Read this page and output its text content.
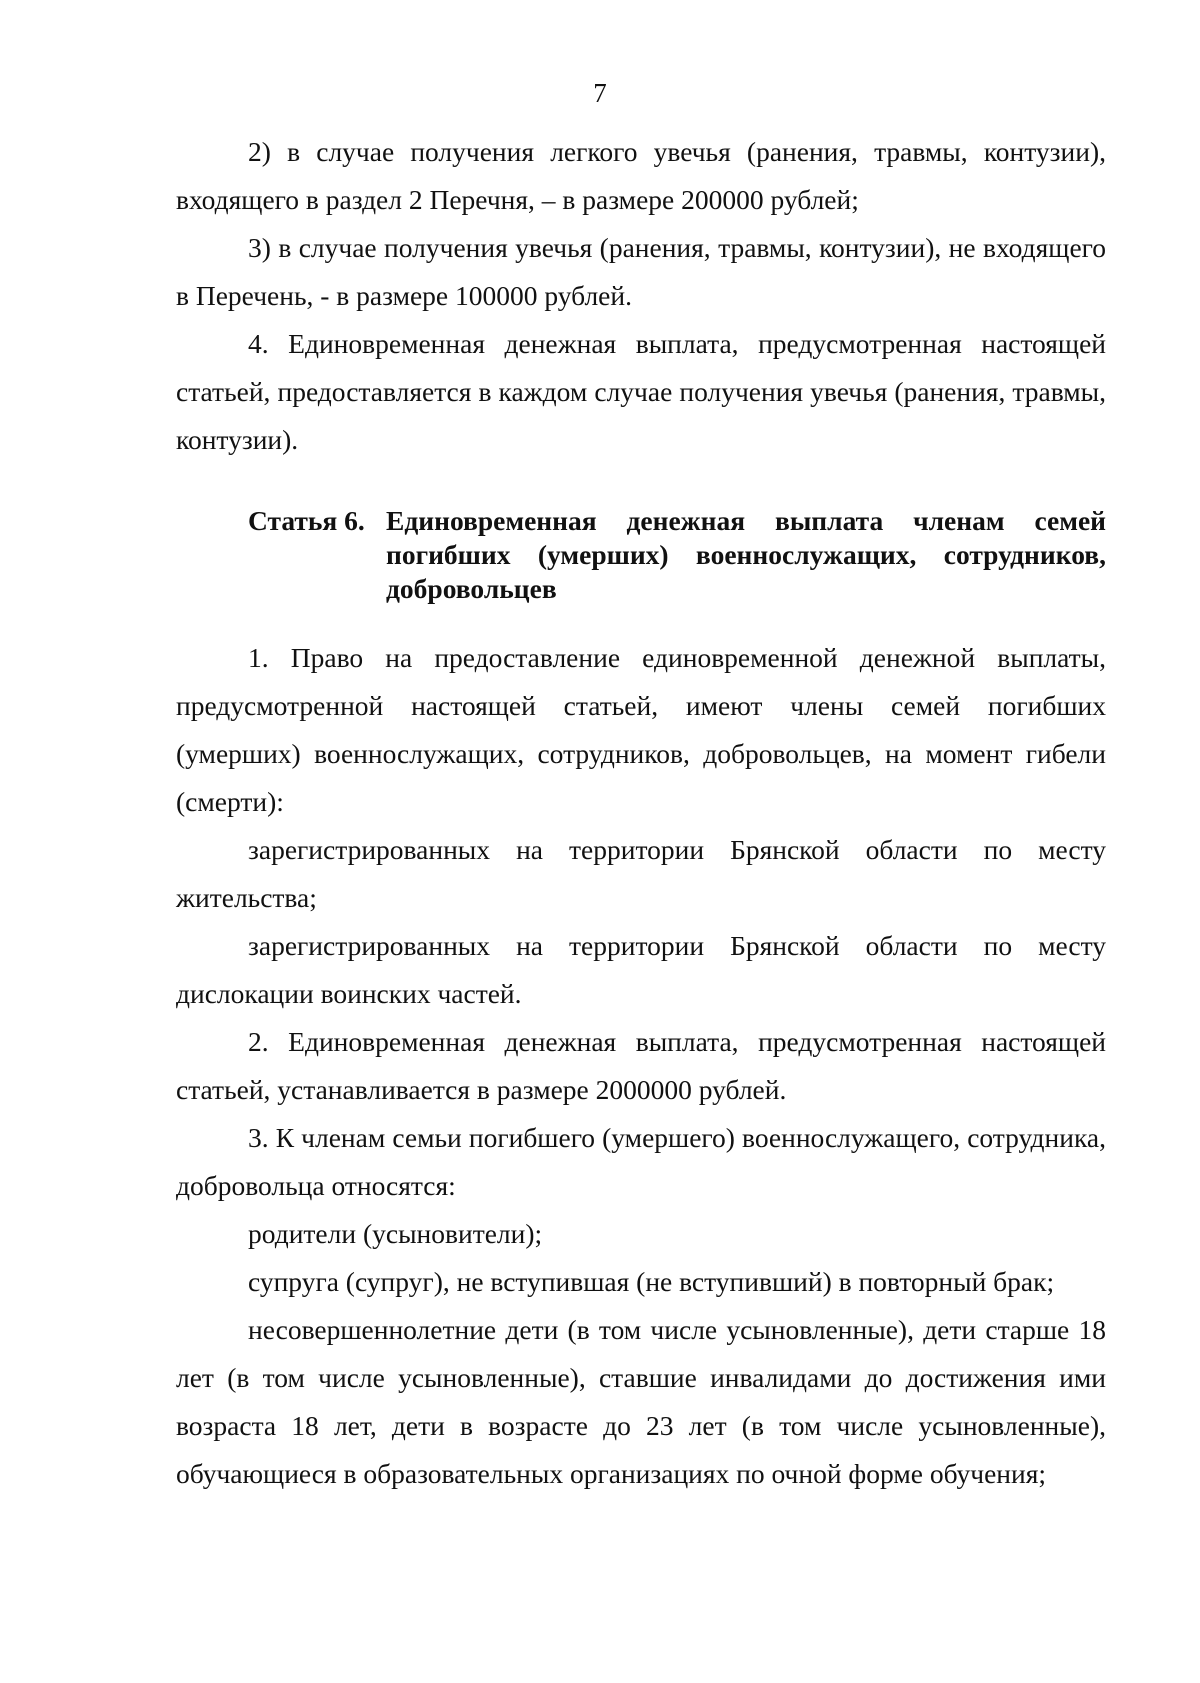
7

2) в случае получения легкого увечья (ранения, травмы, контузии), входящего в раздел 2 Перечня, – в размере 200000 рублей;

3) в случае получения увечья (ранения, травмы, контузии), не входящего в Перечень, - в размере 100000 рублей.

4. Единовременная денежная выплата, предусмотренная настоящей статьей, предоставляется в каждом случае получения увечья (ранения, травмы, контузии).

Статья 6. Единовременная денежная выплата членам семей погибших (умерших) военнослужащих, сотрудников, добровольцев

1. Право на предоставление единовременной денежной выплаты, предусмотренной настоящей статьей, имеют члены семей погибших (умерших) военнослужащих, сотрудников, добровольцев, на момент гибели (смерти):

зарегистрированных на территории Брянской области по месту жительства;

зарегистрированных на территории Брянской области по месту дислокации воинских частей.

2. Единовременная денежная выплата, предусмотренная настоящей статьей, устанавливается в размере 2000000 рублей.

3. К членам семьи погибшего (умершего) военнослужащего, сотрудника, добровольца относятся:

родители (усыновители);

супруга (супруг), не вступившая (не вступивший) в повторный брак;

несовершеннолетние дети (в том числе усыновленные), дети старше 18 лет (в том числе усыновленные), ставшие инвалидами до достижения ими возраста 18 лет, дети в возрасте до 23 лет (в том числе усыновленные), обучающиеся в образовательных организациях по очной форме обучения;
